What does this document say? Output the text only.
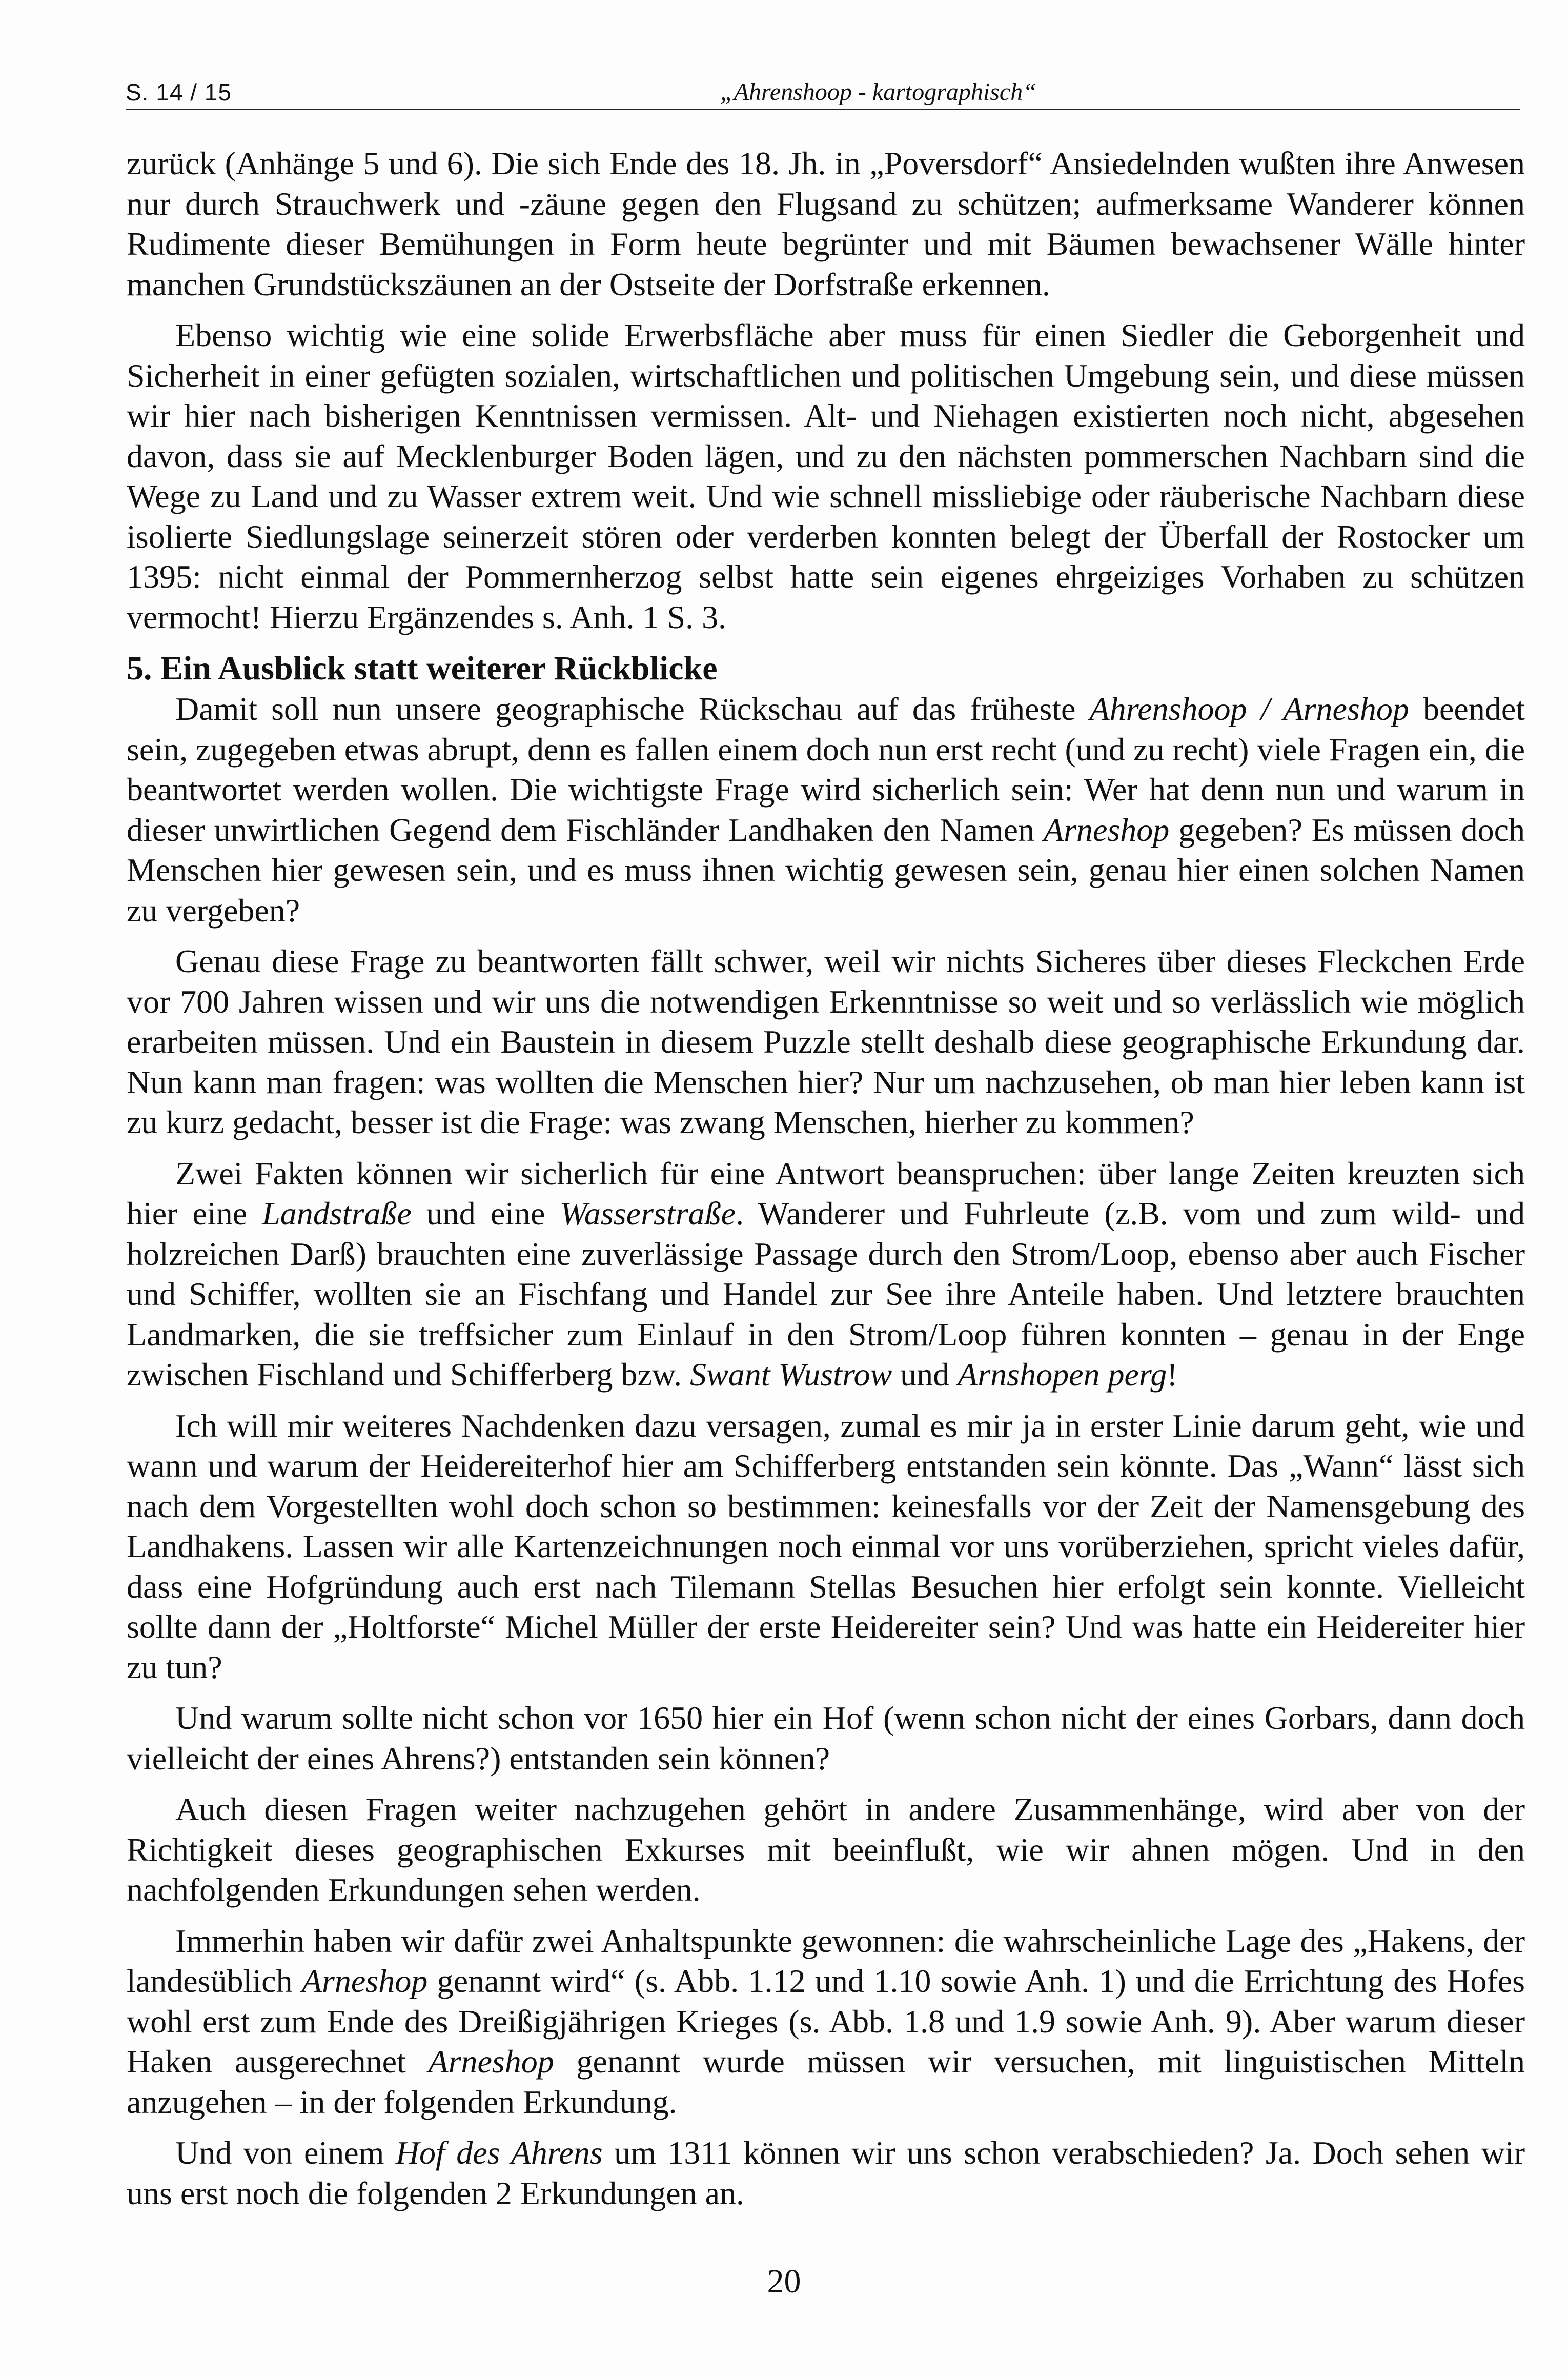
S. 14 / 15	„Ahrenshoop - kartographisch“

zurück (Anhänge 5 und 6). Die sich Ende des 18. Jh. in „Poversdorf“ Ansiedelnden wußten ihre Anwesen nur durch Strauchwerk und -zäune gegen den Flugsand zu schützen; aufmerksame Wanderer können Rudimente dieser Bemühungen in Form heute begrünter und mit Bäumen bewachsener Wälle hinter manchen Grundstückszäunen an der Ostseite der Dorfstraße erkennen.

Ebenso wichtig wie eine solide Erwerbsfläche aber muss für einen Siedler die Geborgenheit und Sicherheit in einer gefügten sozialen, wirtschaftlichen und politischen Umgebung sein, und diese müssen wir hier nach bisherigen Kenntnissen vermissen. Alt- und Niehagen existierten noch nicht, abgesehen davon, dass sie auf Mecklenburger Boden lägen, und zu den nächsten pommerschen Nachbarn sind die Wege zu Land und zu Wasser extrem weit. Und wie schnell missliebige oder räuberische Nachbarn diese isolierte Siedlungslage seinerzeit stören oder verderben konnten belegt der Überfall der Rostocker um 1395: nicht einmal der Pommernherzog selbst hatte sein eigenes ehrgeiziges Vorhaben zu schützen vermocht! Hierzu Ergänzendes s. Anh. 1 S. 3.

5. Ein Ausblick statt weiterer Rückblicke

Damit soll nun unsere geographische Rückschau auf das früheste Ahrenshoop / Arneshop beendet sein, zugegeben etwas abrupt, denn es fallen einem doch nun erst recht (und zu recht) viele Fragen ein, die beantwortet werden wollen. Die wichtigste Frage wird sicherlich sein: Wer hat denn nun und warum in dieser unwirtlichen Gegend dem Fischländer Landhaken den Namen Arneshop gegeben? Es müssen doch Menschen hier gewesen sein, und es muss ihnen wichtig gewesen sein, genau hier einen solchen Namen zu vergeben?

Genau diese Frage zu beantworten fällt schwer, weil wir nichts Sicheres über dieses Fleckchen Erde vor 700 Jahren wissen und wir uns die notwendigen Erkenntnisse so weit und so verlässlich wie möglich erarbeiten müssen. Und ein Baustein in diesem Puzzle stellt deshalb diese geographische Erkundung dar. Nun kann man fragen: was wollten die Menschen hier? Nur um nachzusehen, ob man hier leben kann ist zu kurz gedacht, besser ist die Frage: was zwang Menschen, hierher zu kommen?

Zwei Fakten können wir sicherlich für eine Antwort beanspruchen: über lange Zeiten kreuzten sich hier eine Landstraße und eine Wasserstraße. Wanderer und Fuhrleute (z.B. vom und zum wild- und holzreichen Darß) brauchten eine zuverlässige Passage durch den Strom/Loop, ebenso aber auch Fischer und Schiffer, wollten sie an Fischfang und Handel zur See ihre Anteile haben. Und letztere brauchten Landmarken, die sie treffsicher zum Einlauf in den Strom/Loop führen konnten – genau in der Enge zwischen Fischland und Schifferberg bzw. Swant Wustrow und Arnshopen perg!

Ich will mir weiteres Nachdenken dazu versagen, zumal es mir ja in erster Linie darum geht, wie und wann und warum der Heidereiterhof hier am Schifferberg entstanden sein könnte. Das „Wann“ lässt sich nach dem Vorgestellten wohl doch schon so bestimmen: keinesfalls vor der Zeit der Namensgebung des Landhakens. Lassen wir alle Kartenzeichnungen noch einmal vor uns vorüberziehen, spricht vieles dafür, dass eine Hofgründung auch erst nach Tilemann Stellas Besuchen hier erfolgt sein konnte. Vielleicht sollte dann der „Holtforste“ Michel Müller der erste Heidereiter sein? Und was hatte ein Heidereiter hier zu tun?

Und warum sollte nicht schon vor 1650 hier ein Hof (wenn schon nicht der eines Gorbars, dann doch vielleicht der eines Ahrens?) entstanden sein können?

Auch diesen Fragen weiter nachzugehen gehört in andere Zusammenhänge, wird aber von der Richtigkeit dieses geographischen Exkurses mit beeinflußt, wie wir ahnen mögen. Und in den nachfolgenden Erkundungen sehen werden.

Immerhin haben wir dafür zwei Anhaltspunkte gewonnen: die wahrscheinliche Lage des „Hakens, der landesüblich Arneshop genannt wird“ (s. Abb. 1.12 und 1.10 sowie Anh. 1) und die Errichtung des Hofes wohl erst zum Ende des Dreißigjährigen Krieges (s. Abb. 1.8 und 1.9 sowie Anh. 9). Aber warum dieser Haken ausgerechnet Arneshop genannt wurde müssen wir versuchen, mit linguistischen Mitteln anzugehen – in der folgenden Erkundung.

Und von einem Hof des Ahrens um 1311 können wir uns schon verabschieden? Ja. Doch sehen wir uns erst noch die folgenden 2 Erkundungen an.

20
